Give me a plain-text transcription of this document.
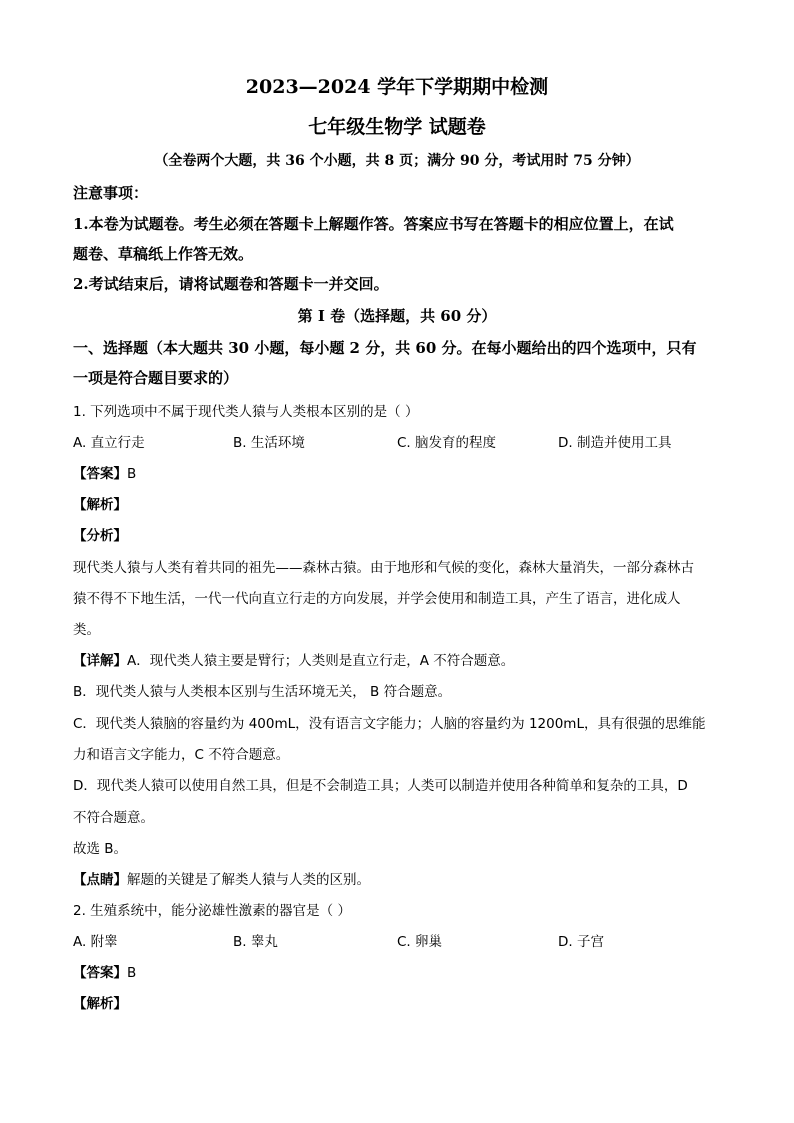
2023—2024 学年下学期期中检测
七年级生物学 试题卷
（全卷两个大题，共 36 个小题，共 8 页；满分 90 分，考试用时 75 分钟）
注意事项：
1.本卷为试题卷。考生必须在答题卡上解题作答。答案应书写在答题卡的相应位置上，在试
题卷、草稿纸上作答无效。
2.考试结束后，请将试题卷和答题卡一并交回。
第 I 卷（选择题，共 60 分）
一、选择题（本大题共 30 小题，每小题 2 分，共 60 分。在每小题给出的四个选项中，只有
一项是符合题目要求的）
1. 下列选项中不属于现代类人猿与人类根本区别的是（ ）
A. 直立行走	B. 生活环境	C. 脑发育的程度	D. 制造并使用工具
【答案】B
【解析】
【分析】
现代类人猿与人类有着共同的祖先——森林古猿。由于地形和气候的变化，森林大量消失，一部分森林古
猿不得不下地生活，一代一代向直立行走的方向发展，并学会使用和制造工具，产生了语言，进化成人
类。
【详解】A．现代类人猿主要是臂行；人类则是直立行走，A 不符合题意。
B．现代类人猿与人类根本区别与生活环境无关， B 符合题意。
C．现代类人猿脑的容量约为 400mL，没有语言文字能力；人脑的容量约为 1200mL，具有很强的思维能
力和语言文字能力，C 不符合题意。
D．现代类人猿可以使用自然工具，但是不会制造工具；人类可以制造并使用各种简单和复杂的工具，D
不符合题意。
故选 B。
【点睛】解题的关键是了解类人猿与人类的区别。
2. 生殖系统中，能分泌雄性激素的器官是（ ）
A. 附睾	B. 睾丸	C. 卵巢	D. 子宫
【答案】B
【解析】
